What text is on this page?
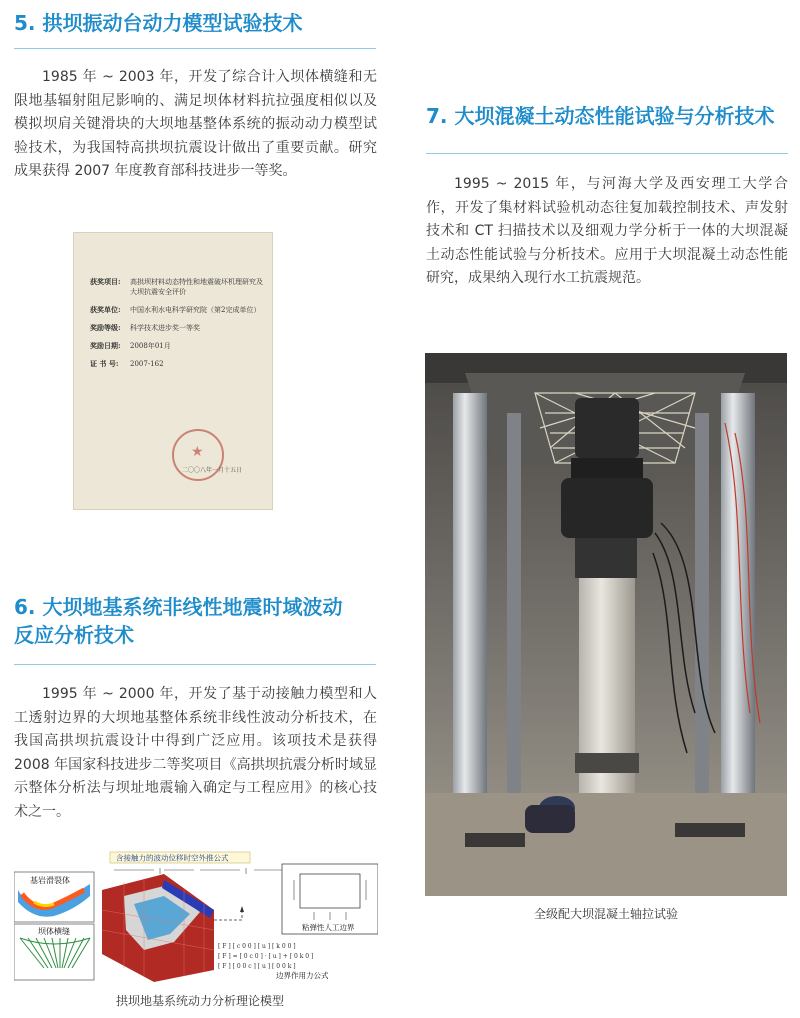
5. 拱坝振动台动力模型试验技术

1985 年 ~ 2003 年，开发了综合计入坝体横缝和无限地基辐射阻尼影响的、满足坝体材料抗拉强度相似以及模拟坝肩关键滑块的大坝地基整体系统的振动动力模型试验技术，为我国特高拱坝抗震设计做出了重要贡献。研究成果获得 2007 年度教育部科技进步一等奖。

获奖项目:	高拱坝材料动态特性和地震破坏机理研究及大坝抗震安全评价
获奖单位:	中国水利水电科学研究院（第2完成单位）
奖励等级:	科学技术进步奖一等奖
奖励日期:	2008年01月
证 书 号:	2007-162
★
二〇〇八年一月十五日
6. 大坝地基系统非线性地震时域波动
反应分析技术

1995 年 ~ 2000 年，开发了基于动接触力模型和人工透射边界的大坝地基整体系统非线性波动分析技术，在我国高拱坝抗震设计中得到广泛应用。该项技术是获得 2008 年国家科技进步二等奖项目《高拱坝抗震分析时域显示整体分析法与坝址地震输入确定与工程应用》的核心技术之一。

基岩滑裂体
坝体横缝
含接触力的波动位移时空外推公式
粘弹性人工边界
[ F ] [ c 0 0 ] [ u ] [ k 0 0 ]
[ F ] = [ 0 c 0 ] · [ u ] + [ 0 k 0 ]
[ F ] [ 0 0 c ] [ u ] [ 0 0 k ]
边界作用力公式
拱坝地基系统动力分析理论模型
7. 大坝混凝土动态性能试验与分析技术

1995 ~ 2015 年，与河海大学及西安理工大学合作，开发了集材料试验机动态往复加载控制技术、声发射技术和 CT 扫描技术以及细观力学分析于一体的大坝混凝土动态性能试验与分析技术。应用于大坝混凝土动态性能研究，成果纳入现行水工抗震规范。

全级配大坝混凝土轴拉试验
